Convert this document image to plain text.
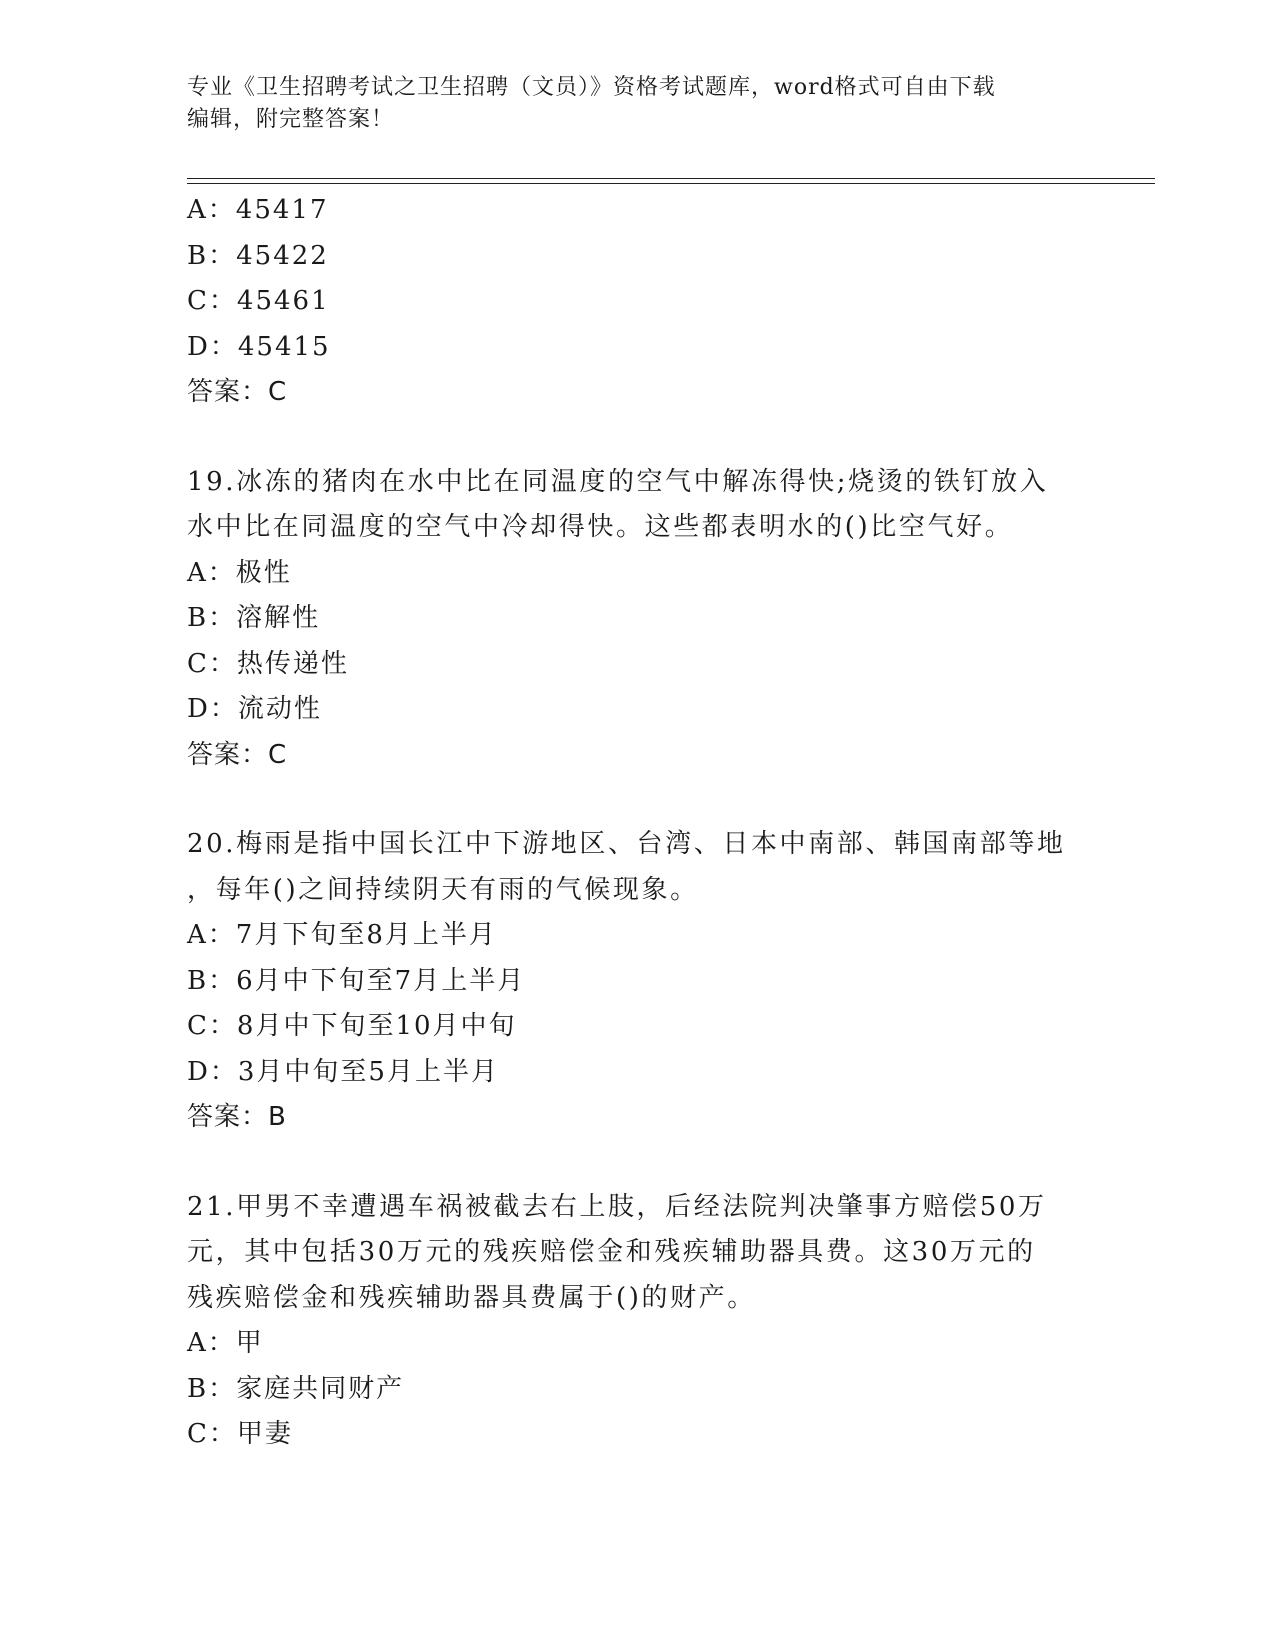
专业《卫生招聘考试之卫生招聘（文员）》资格考试题库，word格式可自由下载
编辑，附完整答案！
A：45417
B：45422
C：45461
D：45415
答案：C
19.冰冻的猪肉在水中比在同温度的空气中解冻得快;烧烫的铁钉放入
水中比在同温度的空气中冷却得快。这些都表明水的()比空气好。
A：极性
B：溶解性
C：热传递性
D：流动性
答案：C
20.梅雨是指中国长江中下游地区、台湾、日本中南部、韩国南部等地
，每年()之间持续阴天有雨的气候现象。
A：7月下旬至8月上半月
B：6月中下旬至7月上半月
C：8月中下旬至10月中旬
D：3月中旬至5月上半月
答案：B
21.甲男不幸遭遇车祸被截去右上肢，后经法院判决肇事方赔偿50万
元，其中包括30万元的残疾赔偿金和残疾辅助器具费。这30万元的
残疾赔偿金和残疾辅助器具费属于()的财产。
A：甲
B：家庭共同财产
C：甲妻
